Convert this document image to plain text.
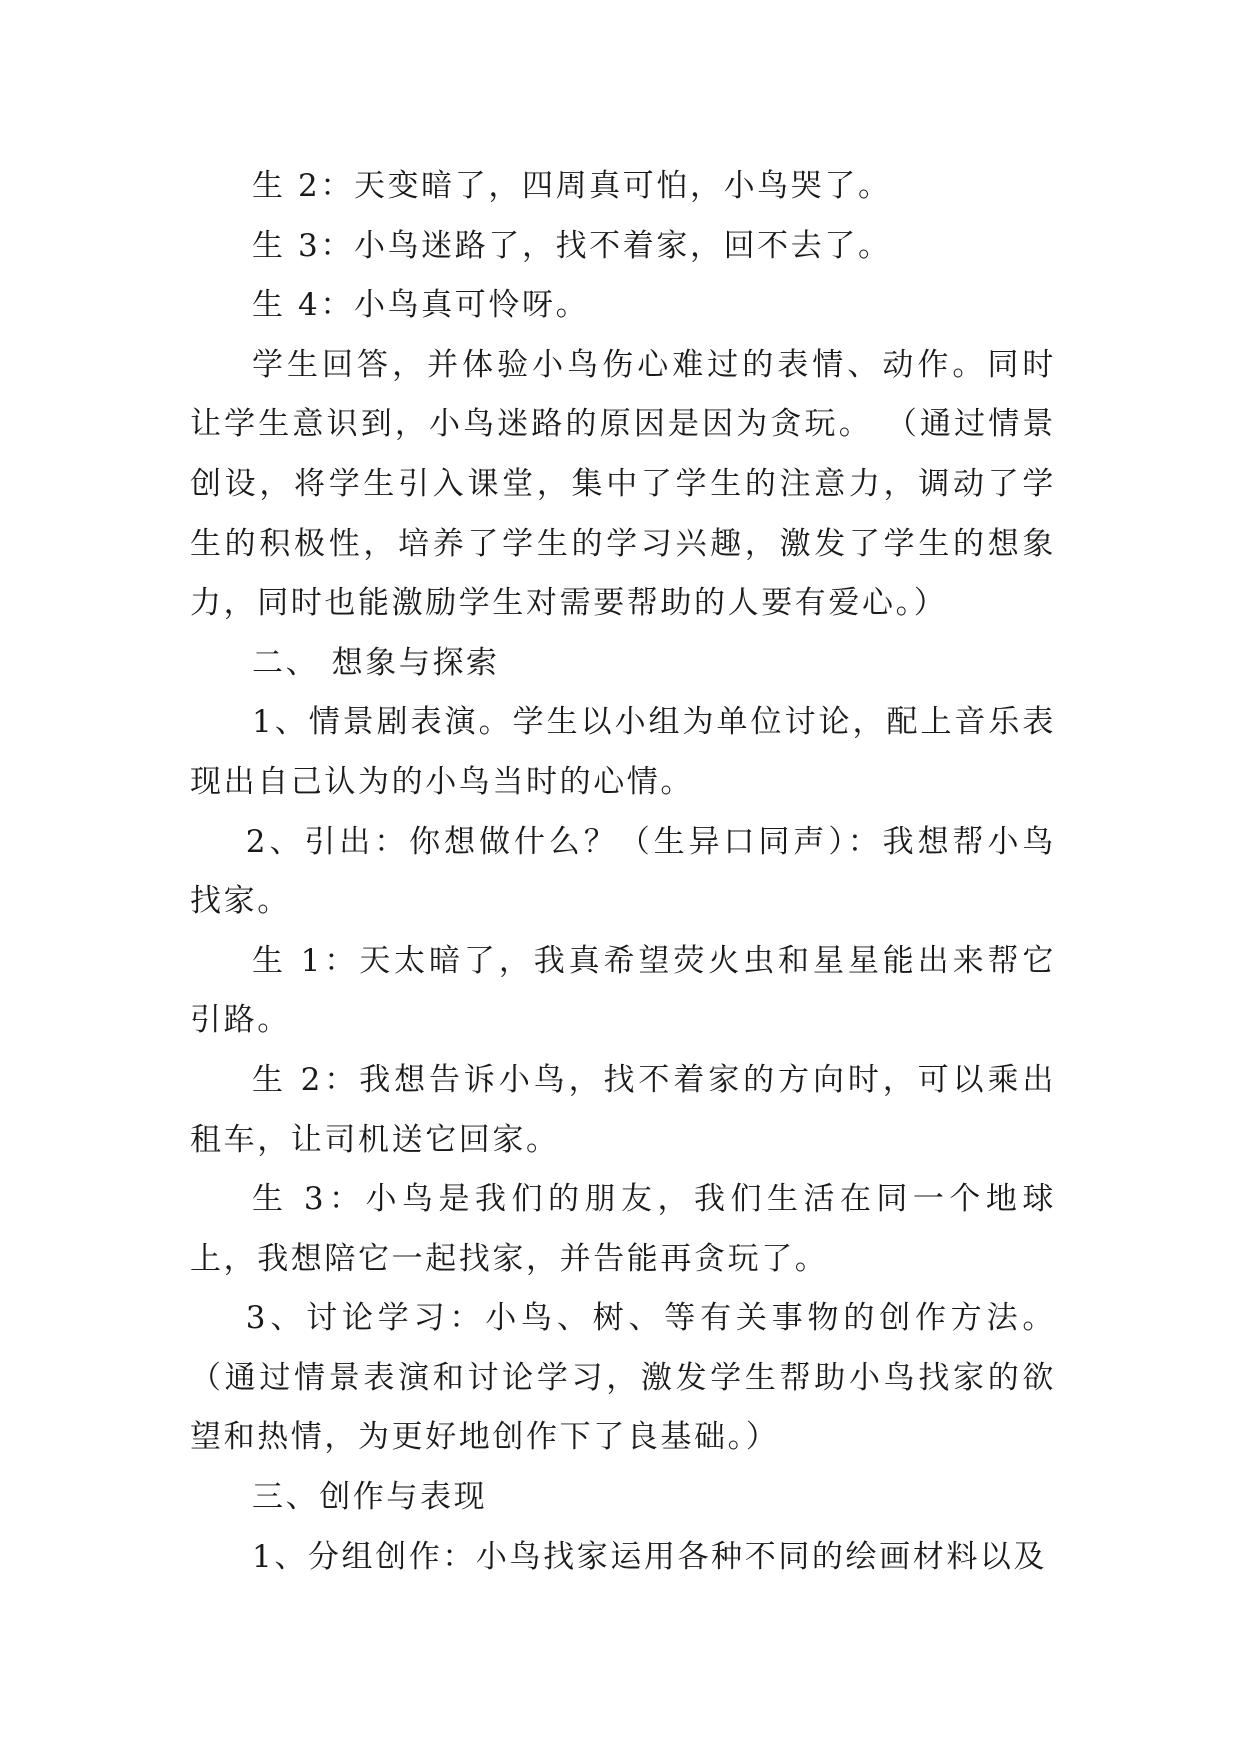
生 2：天变暗了，四周真可怕，小鸟哭了。

生 3：小鸟迷路了，找不着家，回不去了。

生 4：小鸟真可怜呀。

学生回答，并体验小鸟伤心难过的表情、动作。同时让学生意识到，小鸟迷路的原因是因为贪玩。 （通过情景创设，将学生引入课堂，集中了学生的注意力，调动了学生的积极性，培养了学生的学习兴趣，激发了学生的想象力，同时也能激励学生对需要帮助的人要有爱心。）

二、 想象与探索

1、情景剧表演。学生以小组为单位讨论，配上音乐表现出自己认为的小鸟当时的心情。

2、引出：你想做什么？（生异口同声）：我想帮小鸟找家。

生 1：天太暗了，我真希望荧火虫和星星能出来帮它引路。

生 2：我想告诉小鸟，找不着家的方向时，可以乘出租车，让司机送它回家。

生 3：小鸟是我们的朋友，我们生活在同一个地球上，我想陪它一起找家，并告能再贪玩了。

3、讨论学习：小鸟、树、等有关事物的创作方法。（通过情景表演和讨论学习，激发学生帮助小鸟找家的欲望和热情，为更好地创作下了良基础。）

三、创作与表现

1、分组创作：小鸟找家运用各种不同的绘画材料以及
